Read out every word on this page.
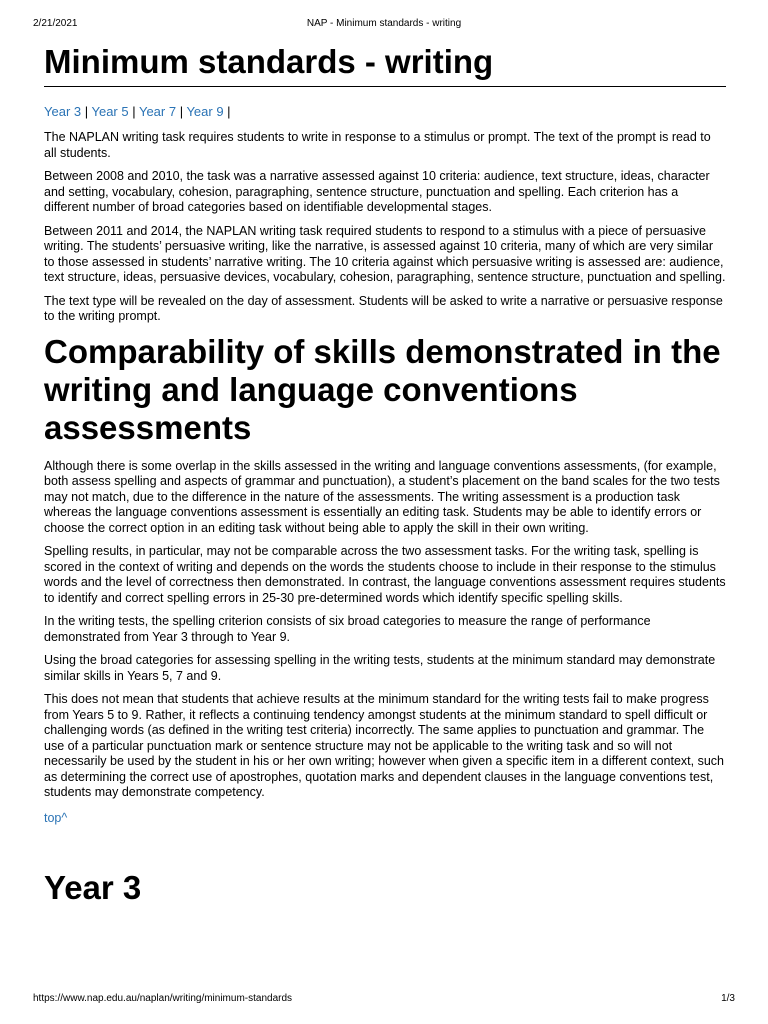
2/21/2021	NAP - Minimum standards - writing
Minimum standards - writing
Year 3 | Year 5 | Year 7 | Year 9 |

The NAPLAN writing task requires students to write in response to a stimulus or prompt. The text of the prompt is read to all students.

Between 2008 and 2010, the task was a narrative assessed against 10 criteria: audience, text structure, ideas, character and setting, vocabulary, cohesion, paragraphing, sentence structure, punctuation and spelling. Each criterion has a different number of broad categories based on identifiable developmental stages.

Between 2011 and 2014, the NAPLAN writing task required students to respond to a stimulus with a piece of persuasive writing. The students’ persuasive writing, like the narrative, is assessed against 10 criteria, many of which are very similar to those assessed in students’ narrative writing. The 10 criteria against which persuasive writing is assessed are: audience, text structure, ideas, persuasive devices, vocabulary, cohesion, paragraphing, sentence structure, punctuation and spelling.

The text type will be revealed on the day of assessment. Students will be asked to write a narrative or persuasive response to the writing prompt.

Comparability of skills demonstrated in the writing and language conventions assessments

Although there is some overlap in the skills assessed in the writing and language conventions assessments, (for example, both assess spelling and aspects of grammar and punctuation), a student’s placement on the band scales for the two tests may not match, due to the difference in the nature of the assessments. The writing assessment is a production task whereas the language conventions assessment is essentially an editing task. Students may be able to identify errors or choose the correct option in an editing task without being able to apply the skill in their own writing.

Spelling results, in particular, may not be comparable across the two assessment tasks. For the writing task, spelling is scored in the context of writing and depends on the words the students choose to include in their response to the stimulus words and the level of correctness then demonstrated. In contrast, the language conventions assessment requires students to identify and correct spelling errors in 25-30 pre-determined words which identify specific spelling skills.

In the writing tests, the spelling criterion consists of six broad categories to measure the range of performance demonstrated from Year 3 through to Year 9.

Using the broad categories for assessing spelling in the writing tests, students at the minimum standard may demonstrate similar skills in Years 5, 7 and 9.

This does not mean that students that achieve results at the minimum standard for the writing tests fail to make progress from Years 5 to 9. Rather, it reflects a continuing tendency amongst students at the minimum standard to spell difficult or challenging words (as defined in the writing test criteria) incorrectly. The same applies to punctuation and grammar. The use of a particular punctuation mark or sentence structure may not be applicable to the writing task and so will not necessarily be used by the student in his or her own writing; however when given a specific item in a different context, such as determining the correct use of apostrophes, quotation marks and dependent clauses in the language conventions test, students may demonstrate competency.

top^
Year 3
https://www.nap.edu.au/naplan/writing/minimum-standards	1/3
